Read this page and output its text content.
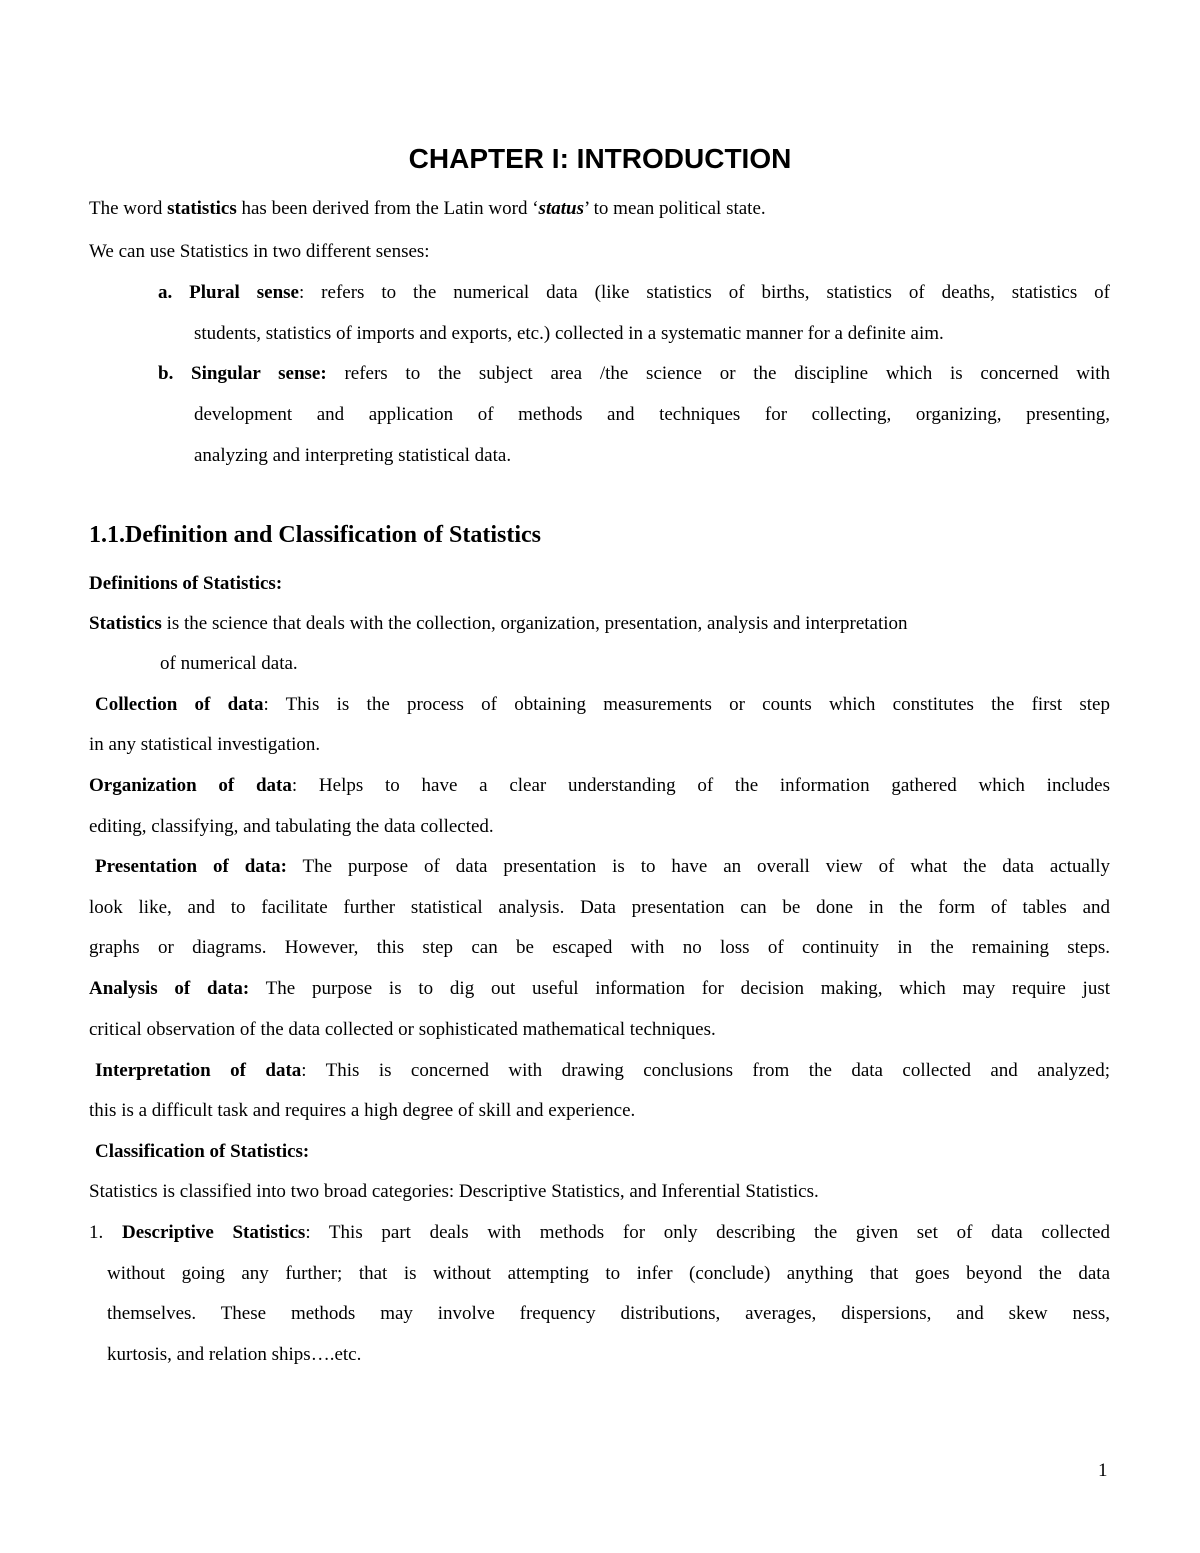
CHAPTER I: INTRODUCTION
The word statistics has been derived from the Latin word ‘status’ to mean political state.
We can use Statistics in two different senses:
a. Plural sense: refers to the numerical data (like statistics of births, statistics of deaths, statistics of
students, statistics of imports and exports, etc.) collected in a systematic manner for a definite aim.
b. Singular sense: refers to the subject area /the science or the discipline which is concerned with
development and application of methods and techniques for collecting, organizing, presenting,
analyzing and interpreting statistical data.
1.1.Definition and Classification of Statistics
Definitions of Statistics:
Statistics is the science that deals with the collection, organization, presentation, analysis and interpretation
of numerical data.
Collection of data: This is the process of obtaining measurements or counts which constitutes the first step
in any statistical investigation.
Organization of data: Helps to have a clear understanding of the information gathered which includes
editing, classifying, and tabulating the data collected.
Presentation of data: The purpose of data presentation is to have an overall view of what the data actually
look like, and to facilitate further statistical analysis. Data presentation can be done in the form of tables and
graphs or diagrams. However, this step can be escaped with no loss of continuity in the remaining steps.
Analysis of data: The purpose is to dig out useful information for decision making, which may require just
critical observation of the data collected or sophisticated mathematical techniques.
Interpretation of data: This is concerned with drawing conclusions from the data collected and analyzed;
this is a difficult task and requires a high degree of skill and experience.
Classification of Statistics:
Statistics is classified into two broad categories: Descriptive Statistics, and Inferential Statistics.
1. Descriptive Statistics: This part deals with methods for only describing the given set of data collected
without going any further; that is without attempting to infer (conclude) anything that goes beyond the data
themselves. These methods may involve frequency distributions, averages, dispersions, and skew ness,
kurtosis, and relation ships….etc.
1
